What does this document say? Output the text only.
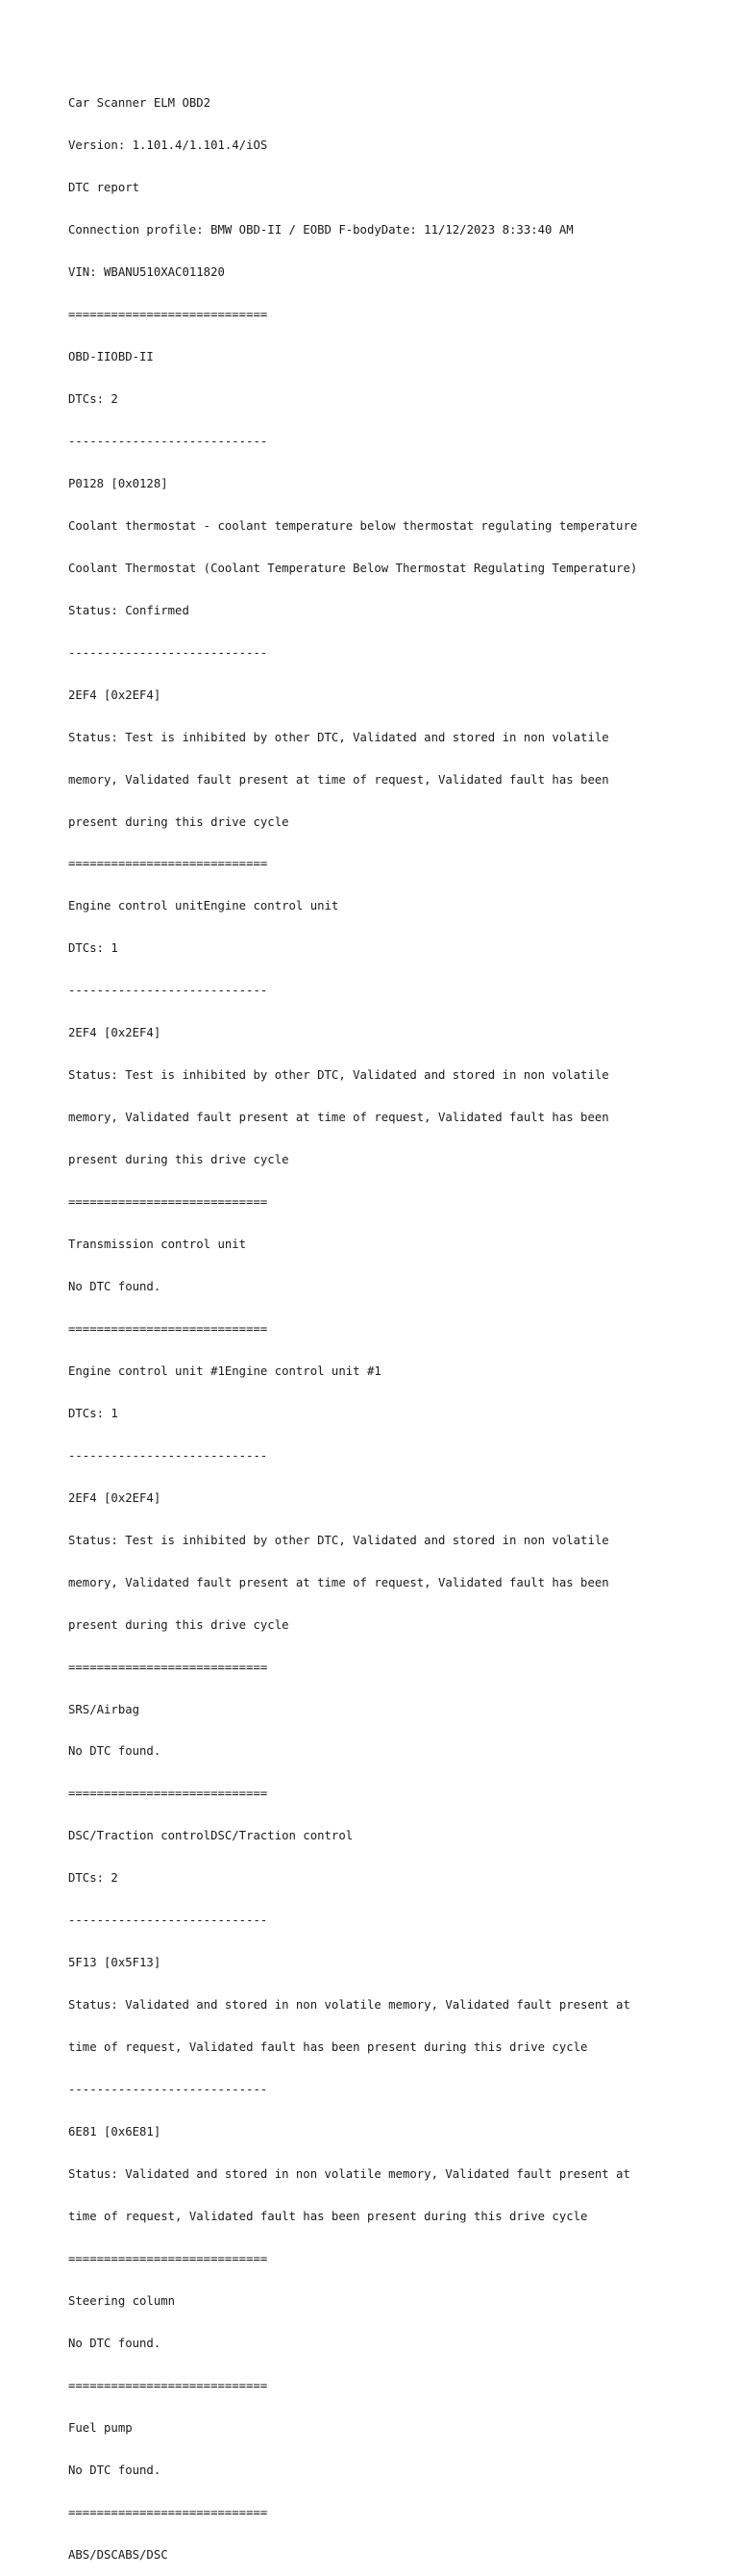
Car Scanner ELM OBD2

Version: 1.101.4/1.101.4/iOS

DTC report

Connection profile: BMW OBD-II / EOBD F-bodyDate: 11/12/2023 8:33:40 AM

VIN: WBANU510XAC011820

============================

OBD-IIOBD-II

DTCs: 2

----------------------------

P0128 [0x0128]

Coolant thermostat - coolant temperature below thermostat regulating temperature

Coolant Thermostat (Coolant Temperature Below Thermostat Regulating Temperature)

Status: Confirmed

----------------------------

2EF4 [0x2EF4]

Status: Test is inhibited by other DTC, Validated and stored in non volatile

memory, Validated fault present at time of request, Validated fault has been

present during this drive cycle

============================

Engine control unitEngine control unit

DTCs: 1

----------------------------

2EF4 [0x2EF4]

Status: Test is inhibited by other DTC, Validated and stored in non volatile

memory, Validated fault present at time of request, Validated fault has been

present during this drive cycle

============================

Transmission control unit

No DTC found.

============================

Engine control unit #1Engine control unit #1

DTCs: 1

----------------------------

2EF4 [0x2EF4]

Status: Test is inhibited by other DTC, Validated and stored in non volatile

memory, Validated fault present at time of request, Validated fault has been

present during this drive cycle

============================

SRS/Airbag

No DTC found.

============================

DSC/Traction controlDSC/Traction control

DTCs: 2

----------------------------

5F13 [0x5F13]

Status: Validated and stored in non volatile memory, Validated fault present at

time of request, Validated fault has been present during this drive cycle

----------------------------

6E81 [0x6E81]

Status: Validated and stored in non volatile memory, Validated fault present at

time of request, Validated fault has been present during this drive cycle

============================

Steering column

No DTC found.

============================

Fuel pump

No DTC found.

============================

ABS/DSCABS/DSC
